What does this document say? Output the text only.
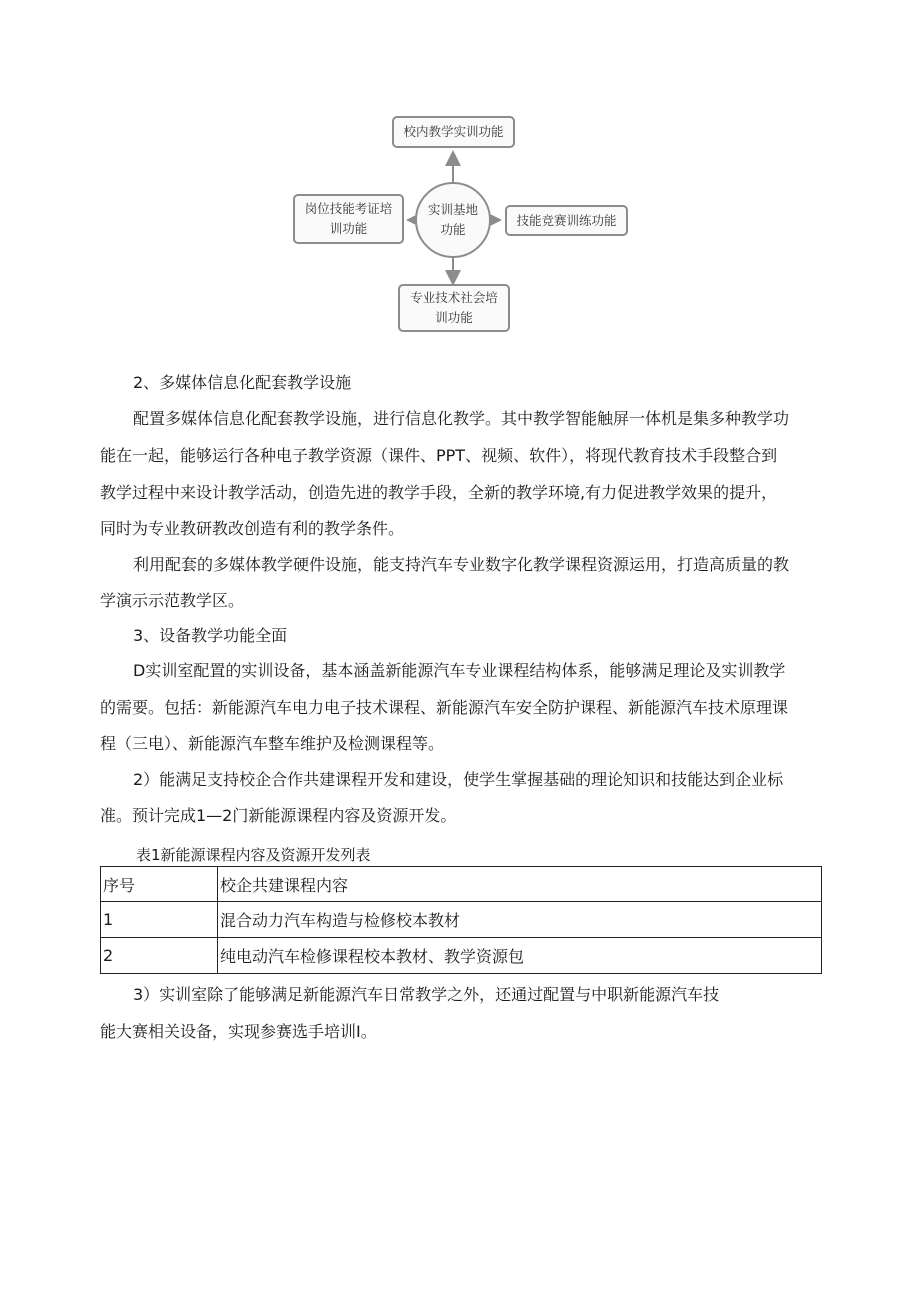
校内教学实训功能
岗位技能考证培
训功能
实训基地
功能
技能竞赛训练功能
专业技术社会培
训功能
2、多媒体信息化配套教学设施
配置多媒体信息化配套教学设施，进行信息化教学。其中教学智能触屏一体机是集多种教学功
能在一起，能够运行各种电子教学资源（课件、PPT、视频、软件），将现代教育技术手段整合到
教学过程中来设计教学活动，创造先进的教学手段，全新的教学环境,有力促进教学效果的提升，
同时为专业教研教改创造有利的教学条件。
利用配套的多媒体教学硬件设施，能支持汽车专业数字化教学课程资源运用，打造高质量的教
学演示示范教学区。
3、设备教学功能全面
D实训室配置的实训设备，基本涵盖新能源汽车专业课程结构体系，能够满足理论及实训教学
的需要。包括：新能源汽车电力电子技术课程、新能源汽车安全防护课程、新能源汽车技术原理课
程（三电）、新能源汽车整车维护及检测课程等。
2）能满足支持校企合作共建课程开发和建设，使学生掌握基础的理论知识和技能达到企业标
准。预计完成1—2门新能源课程内容及资源开发。
表1新能源课程内容及资源开发列表
序号	校企共建课程内容
1	混合动力汽车构造与检修校本教材
2	纯电动汽车检修课程校本教材、教学资源包
3）实训室除了能够满足新能源汽车日常教学之外，还通过配置与中职新能源汽车技
能大赛相关设备，实现参赛选手培训I。
